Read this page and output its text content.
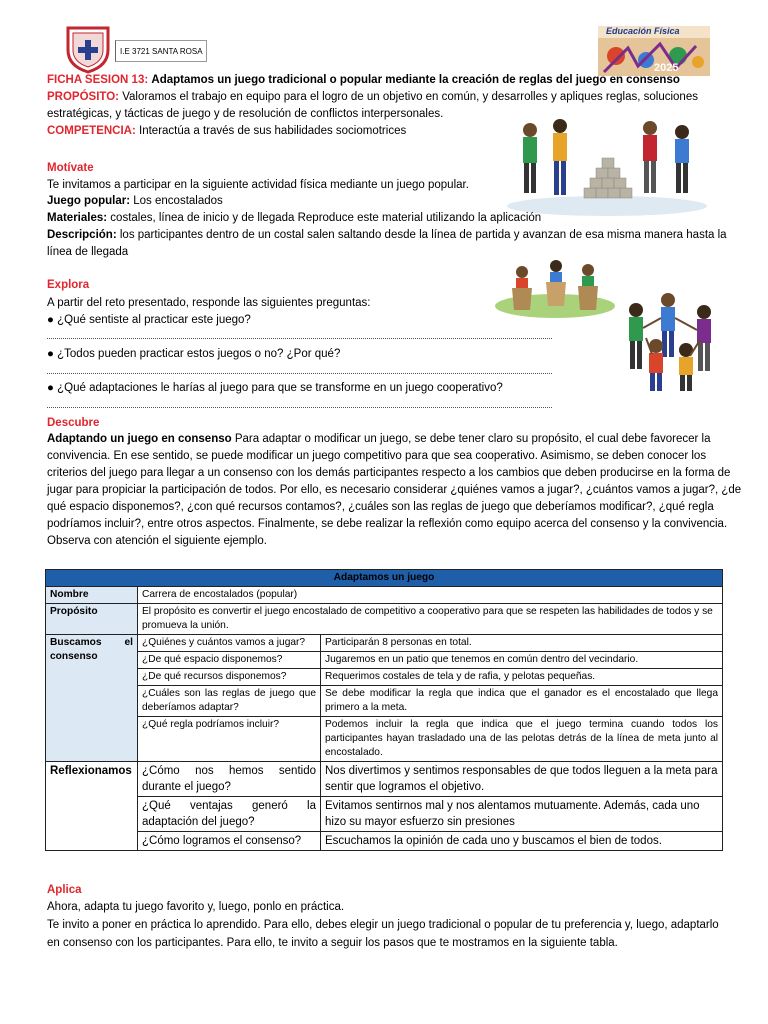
I.E 3721 SANTA ROSA
Educación Física
2025
FICHA SESION 13: Adaptamos un juego tradicional o popular mediante la creación de reglas del juego en consenso
PROPÓSITO: Valoramos el trabajo en equipo para el logro de un objetivo en común, y desarrolles y apliques reglas, soluciones
estratégicas, y tácticas de juego y de resolución de conflictos interpersonales.
COMPETENCIA: Interactúa a través de sus habilidades sociomotrices
Motívate
Te invitamos a participar en la siguiente actividad física mediante un juego popular.
Juego popular: Los encostalados
Materiales: costales, línea de inicio y de llegada Reproduce este material utilizando la aplicación
Descripción: los participantes dentro de un costal salen saltando desde la línea de partida y avanzan de esa misma manera hasta la
línea de llegada
Explora
A partir del reto presentado, responde las siguientes preguntas:
● ¿Qué sentiste al practicar este juego?
● ¿Todos pueden practicar estos juegos o no? ¿Por qué?
● ¿Qué adaptaciones le harías al juego para que se transforme en un juego cooperativo?
Descubre
Adaptando un juego en consenso Para adaptar o modificar un juego, se debe tener claro su propósito, el cual debe favorecer la
convivencia. En ese sentido, se puede modificar un juego competitivo para que sea cooperativo. Asimismo, se deben conocer los
criterios del juego para llegar a un consenso con los demás participantes respecto a los cambios que deben producirse en la forma de
jugar para propiciar la participación de todos. Por ello, es necesario considerar ¿quiénes vamos a jugar?, ¿cuántos vamos a jugar?, ¿de
qué espacio disponemos?, ¿con qué recursos contamos?, ¿cuáles son las reglas de juego que deberíamos modificar?, ¿qué regla
podríamos incluir?, entre otros aspectos. Finalmente, se debe realizar la reflexión como equipo acerca del consenso y la convivencia.
Observa con atención el siguiente ejemplo.
Adaptamos un juego		
Nombre	Carrera de encostalados (popular)	
Propósito	El propósito es convertir el juego encostalado de competitivo a cooperativo para que se respeten las habilidades de todos y se promueva la unión.	
Buscamos el consenso	¿Quiénes y cuántos vamos a jugar?	Participarán 8 personas en total.
	¿De qué espacio disponemos?	Jugaremos en un patio que tenemos en común dentro del vecindario.
	¿De qué recursos disponemos?	Requerimos costales de tela y de rafia, y pelotas pequeñas.
	¿Cuáles son las reglas de juego que deberíamos adaptar?	Se debe modificar la regla que indica que el ganador es el encostalado que llega primero a la meta.
	¿Qué regla podríamos incluir?	Podemos incluir la regla que indica que el juego termina cuando todos los participantes hayan trasladado una de las pelotas detrás de la línea de meta junto al encostalado.
Reflexionamos	¿Cómo nos hemos sentido durante el juego?	Nos divertimos y sentimos responsables de que todos lleguen a la meta para sentir que logramos el objetivo.
	¿Qué ventajas generó la adaptación del juego?	Evitamos sentirnos mal y nos alentamos mutuamente. Además, cada uno hizo su mayor esfuerzo sin presiones
	¿Cómo logramos el consenso?	Escuchamos la opinión de cada uno y buscamos el bien de todos.
Aplica
Ahora, adapta tu juego favorito y, luego, ponlo en práctica.
Te invito a poner en práctica lo aprendido. Para ello, debes elegir un juego tradicional o popular de tu preferencia y, luego, adaptarlo
en consenso con los participantes. Para ello, te invito a seguir los pasos que te mostramos en la siguiente tabla.
